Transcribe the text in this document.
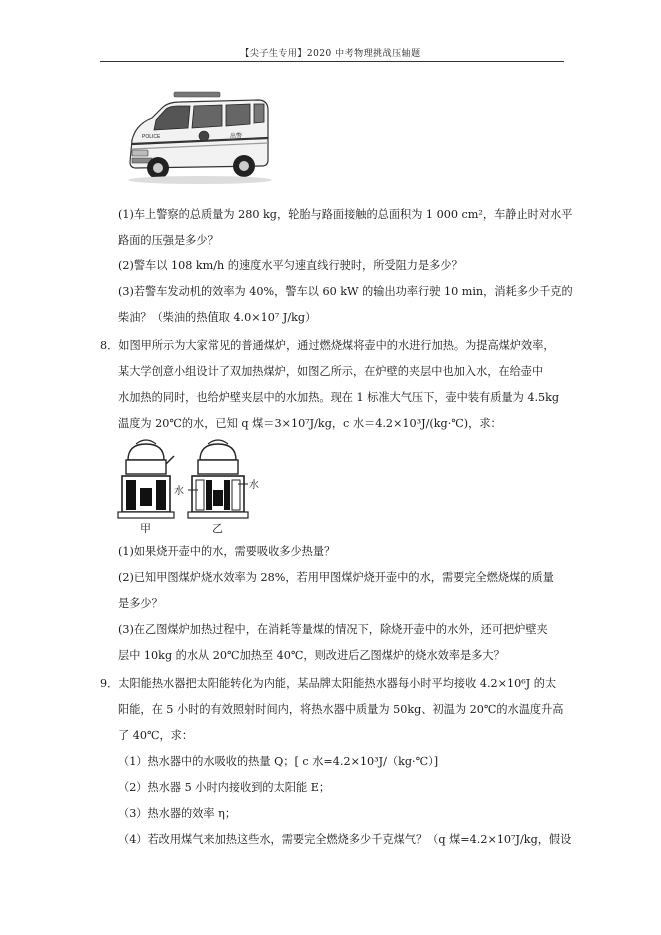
【尖子生专用】2020 中考物理挑战压轴题
POLICE	出警
(1)车上警察的总质量为 280 kg，轮胎与路面接触的总面积为 1 000 cm²，车静止时对水平
路面的压强是多少？
(2)警车以 108 km/h 的速度水平匀速直线行驶时，所受阻力是多少？
(3)若警车发动机的效率为 40%，警车以 60 kW 的输出功率行驶 10 min，消耗多少千克的
柴油？（柴油的热值取 4.0×10⁷ J/kg）
8．如图甲所示为大家常见的普通煤炉，通过燃烧煤将壶中的水进行加热。为提高煤炉效率，
某大学创意小组设计了双加热煤炉，如图乙所示，在炉壁的夹层中也加入水，在给壶中
水加热的同时，也给炉壁夹层中的水加热。现在 1 标准大气压下，壶中装有质量为 4.5kg
温度为 20℃的水，已知 q 煤＝3×10⁷J/kg，c 水＝4.2×10³J/(kg·℃)，求：
甲
水
水
乙
(1)如果烧开壶中的水，需要吸收多少热量？
(2)已知甲图煤炉烧水效率为 28%，若用甲图煤炉烧开壶中的水，需要完全燃烧煤的质量
是多少？
(3)在乙图煤炉加热过程中，在消耗等量煤的情况下，除烧开壶中的水外，还可把炉壁夹
层中 10kg 的水从 20℃加热至 40℃，则改进后乙图煤炉的烧水效率是多大？
9．太阳能热水器把太阳能转化为内能，某品牌太阳能热水器每小时平均接收 4.2×10⁶J 的太
阳能，在 5 小时的有效照射时间内，将热水器中质量为 50kg、初温为 20℃的水温度升高
了 40℃，求：
（1）热水器中的水吸收的热量 Q；[ c 水=4.2×10³J/（kg·℃）]
（2）热水器 5 小时内接收到的太阳能 E；
（3）热水器的效率 η；
（4）若改用煤气来加热这些水，需要完全燃烧多少千克煤气？（q 煤=4.2×10⁷J/kg，假设
